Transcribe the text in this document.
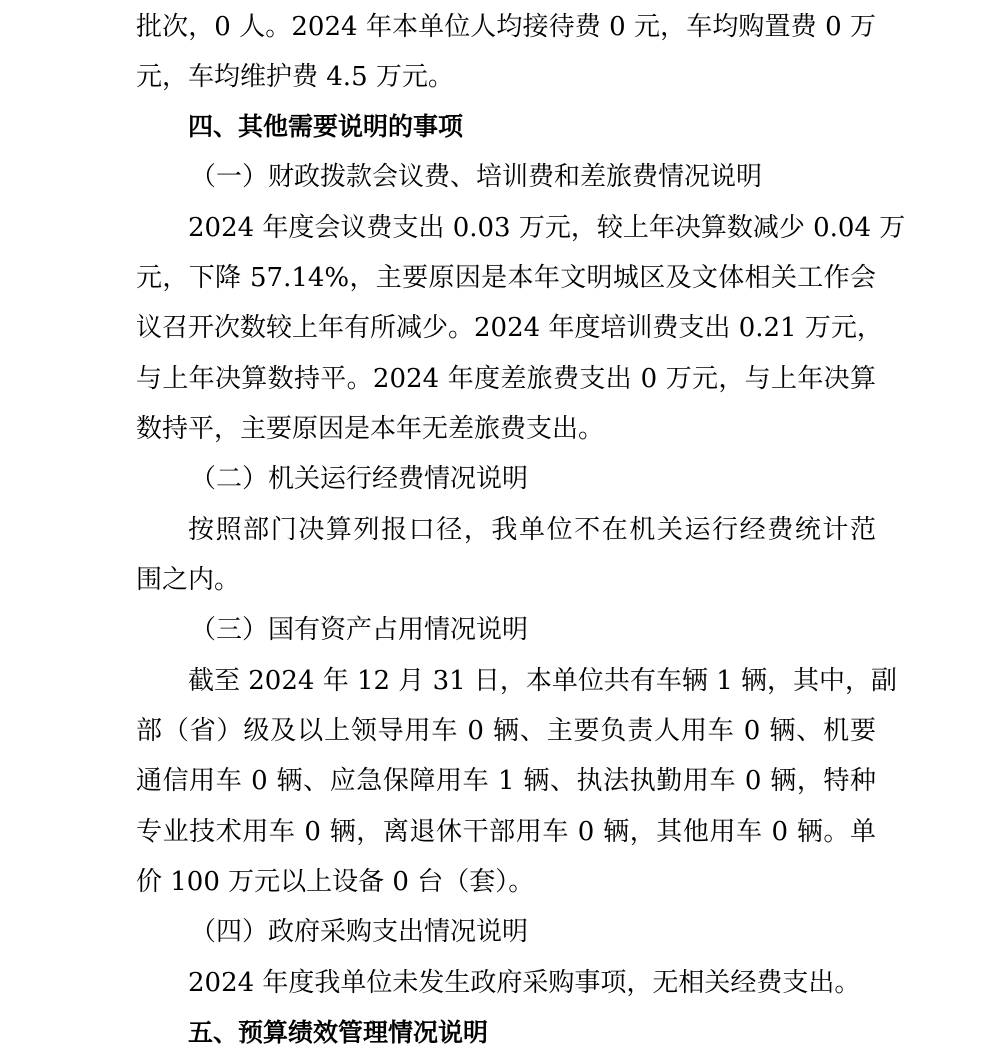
批次，0 人。2024 年本单位人均接待费 0 元，车均购置费 0 万
元，车均维护费 4.5 万元。
四、其他需要说明的事项
（一）财政拨款会议费、培训费和差旅费情况说明
2024 年度会议费支出 0.03 万元，较上年决算数减少 0.04 万
元，下降 57.14%，主要原因是本年文明城区及文体相关工作会
议召开次数较上年有所减少。2024 年度培训费支出 0.21 万元，
与上年决算数持平。2024 年度差旅费支出 0 万元，与上年决算
数持平，主要原因是本年无差旅费支出。
（二）机关运行经费情况说明
按照部门决算列报口径，我单位不在机关运行经费统计范
围之内。
（三）国有资产占用情况说明
截至 2024 年 12 月 31 日，本单位共有车辆 1 辆，其中，副
部（省）级及以上领导用车 0 辆、主要负责人用车 0 辆、机要
通信用车 0 辆、应急保障用车 1 辆、执法执勤用车 0 辆，特种
专业技术用车 0 辆，离退休干部用车 0 辆，其他用车 0 辆。单
价 100 万元以上设备 0 台（套）。
（四）政府采购支出情况说明
2024 年度我单位未发生政府采购事项，无相关经费支出。
五、预算绩效管理情况说明
